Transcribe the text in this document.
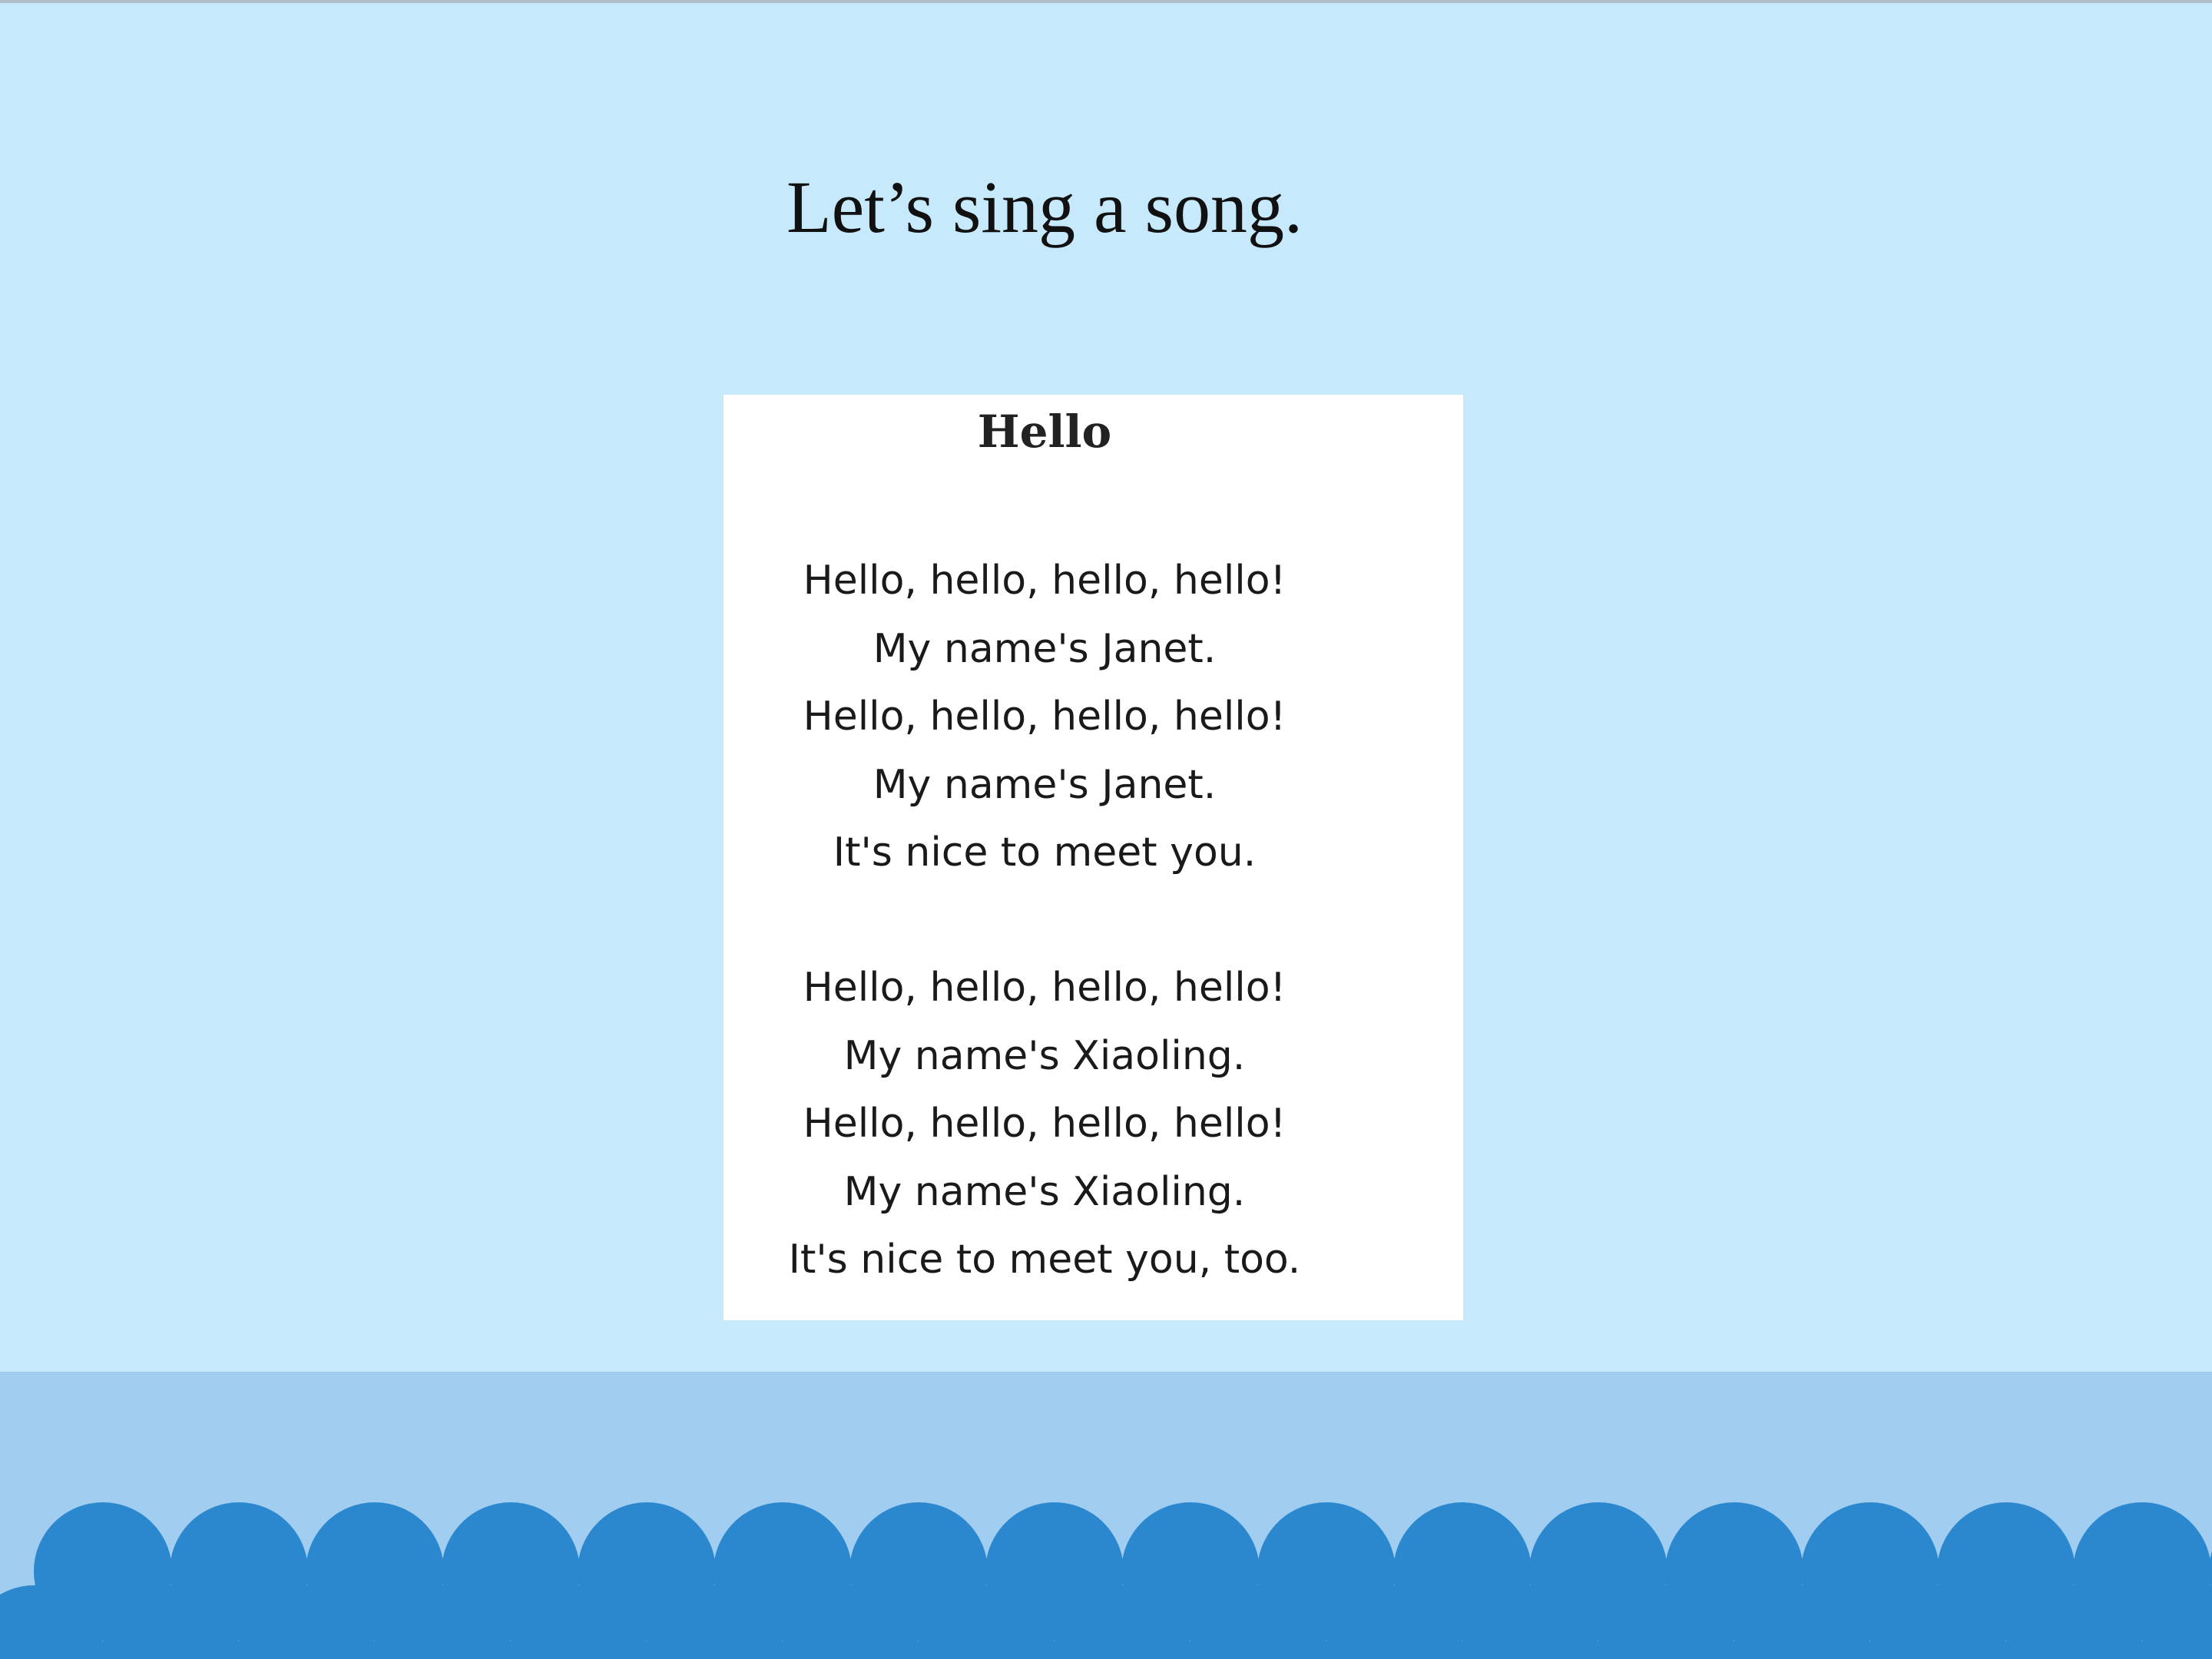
Let’s sing a song.
Hello
Hello, hello, hello, hello!
My name's Janet.
Hello, hello, hello, hello!
My name's Janet.
It's nice to meet you.
Hello, hello, hello, hello!
My name's Xiaoling.
Hello, hello, hello, hello!
My name's Xiaoling.
It's nice to meet you, too.
